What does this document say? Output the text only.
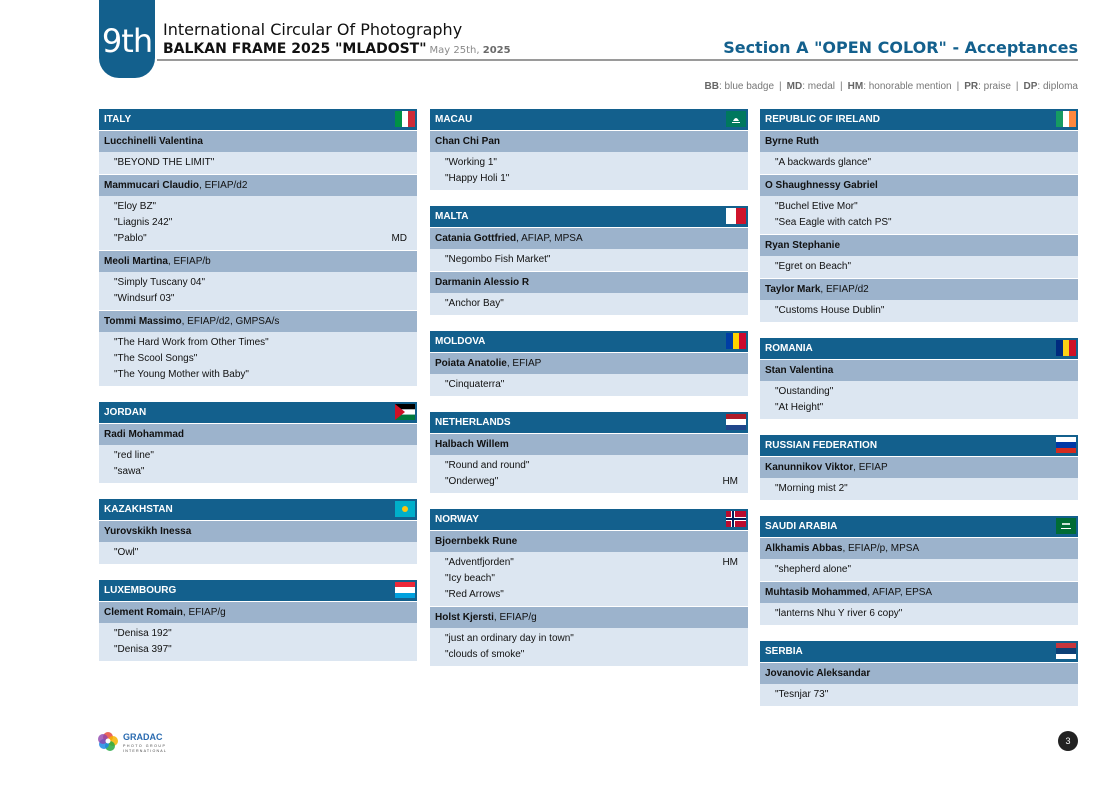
9th International Circular Of Photography
BALKAN FRAME 2025 "MLADOST" May 25th, 2025	Section A "OPEN COLOR" - Acceptances
BB: blue badge | MD: medal | HM: honorable mention | PR: praise | DP: diploma
ITALY
Lucchinelli Valentina
"BEYOND THE LIMIT"
Mammucari Claudio, EFIAP/d2
"Eloy BZ"
"Liagnis 242"
"Pablo"	MD
Meoli Martina, EFIAP/b
"Simply Tuscany 04"
"Windsurf 03"
Tommi Massimo, EFIAP/d2, GMPSA/s
"The Hard Work from Other Times"
"The Scool Songs"
"The Young Mother with Baby"
JORDAN
Radi Mohammad
"red line"
"sawa"
KAZAKHSTAN
Yurovskikh Inessa
"Owl"
LUXEMBOURG
Clement Romain, EFIAP/g
"Denisa 192"
"Denisa 397"
MACAU
Chan Chi Pan
"Working 1"
"Happy Holi 1"
MALTA
Catania Gottfried, AFIAP, MPSA
"Negombo Fish Market"
Darmanin Alessio R
"Anchor Bay"
MOLDOVA
Poiata Anatolie, EFIAP
"Cinquaterra"
NETHERLANDS
Halbach Willem
"Round and round"
"Onderweg"	HM
NORWAY
Bjoernbekk Rune
"Adventfjorden"	HM
"Icy beach"
"Red Arrows"
Holst Kjersti, EFIAP/g
"just an ordinary day in town"
"clouds of smoke"
REPUBLIC OF IRELAND
Byrne Ruth
"A backwards glance"
O Shaughnessy Gabriel
"Buchel Etive Mor"
"Sea Eagle with catch PS"
Ryan Stephanie
"Egret on Beach"
Taylor Mark, EFIAP/d2
"Customs House Dublin"
ROMANIA
Stan Valentina
"Oustanding"
"At Height"
RUSSIAN FEDERATION
Kanunnikov Viktor, EFIAP
"Morning mist 2"
SAUDI ARABIA
Alkhamis Abbas, EFIAP/p, MPSA
"shepherd alone"
Muhtasib Mohammed, AFIAP, EPSA
"lanterns Nhu Y river 6 copy"
SERBIA
Jovanovic Aleksandar
"Tesnjar 73"
GRADAC
PHOTO GROUP
INTERNATIONAL
3
